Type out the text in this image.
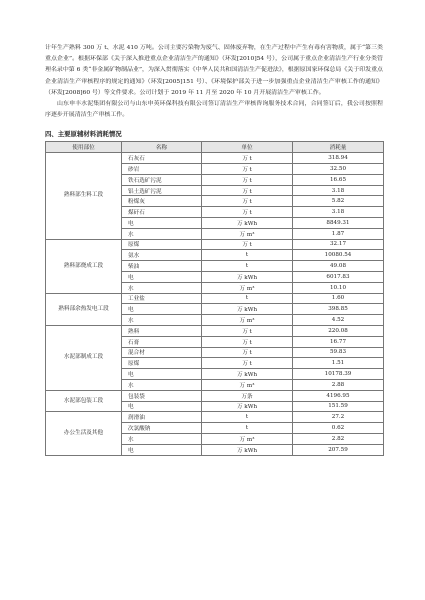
计年生产熟料 300 万 t、水泥 410 万吨。公司主要污染物为废气、固体废弃物，在生产过程中产生有毒有害物质，属于“第三类重点企业”。根据环保部《关于深入推进重点企业清洁生产的通知》（环发[2010]54 号），公司属于重点企业清洁生产行业分类管理名录中第 6 类“非金属矿物制品业”，为深入贯彻落实《中华人民共和国清洁生产促进法》，根据原国家环保总局《关于印发重点企业清洁生产审核程序的规定的通知》（环发[2005]151 号）、《环境保护部关于进一步加强重点企业清洁生产审核工作的通知》（环发[2008]60 号）等文件要求。公司计划于 2019 年 11 月至 2020 年 10 月开展清洁生产审核工作。

山东申丰水泥集团有限公司与山东申英环保科技有限公司签订清洁生产审核咨询服务技术合同，合同签订后，我公司按照程序逐步开展清洁生产审核工作。

四、主要原辅材料消耗情况
使用部位	名称	单位	消耗量
熟料部生料工段	石灰石	万 t	318.94
	砂岩	万 t	32.50
	铁石选矿污泥	万 t	16.65
	铝土选矿污泥	万 t	3.18
	粉煤灰	万 t	5.82
	煤矸石	万 t	3.18
	电	万 kWh	8849.31
	水	万 m³	1.87
熟料部烧成工段	原煤	万 t	32.17
	氨水	t	10080.54
	柴油	t	49.08
	电	万 kWh	6017.83
	水	万 m³	10.10
熟料部余热发电工段	工业盐	t	1.60
	电	万 kWh	398.85
	水	万 m³	4.52
水泥部制成工段	熟料	万 t	220.08
	石膏	万 t	16.77
	混合材	万 t	59.83
	原煤	万 t	1.51
	电	万 kWh	10178.39
	水	万 m³	2.88
水泥部包装工段	包装袋	万条	4196.95
	电	万 kWh	151.59
办公生活及其他	润滑油	t	27.2
	次氯酸钠	t	0.62
	水	万 m³	2.82
	电	万 kWh	207.59
